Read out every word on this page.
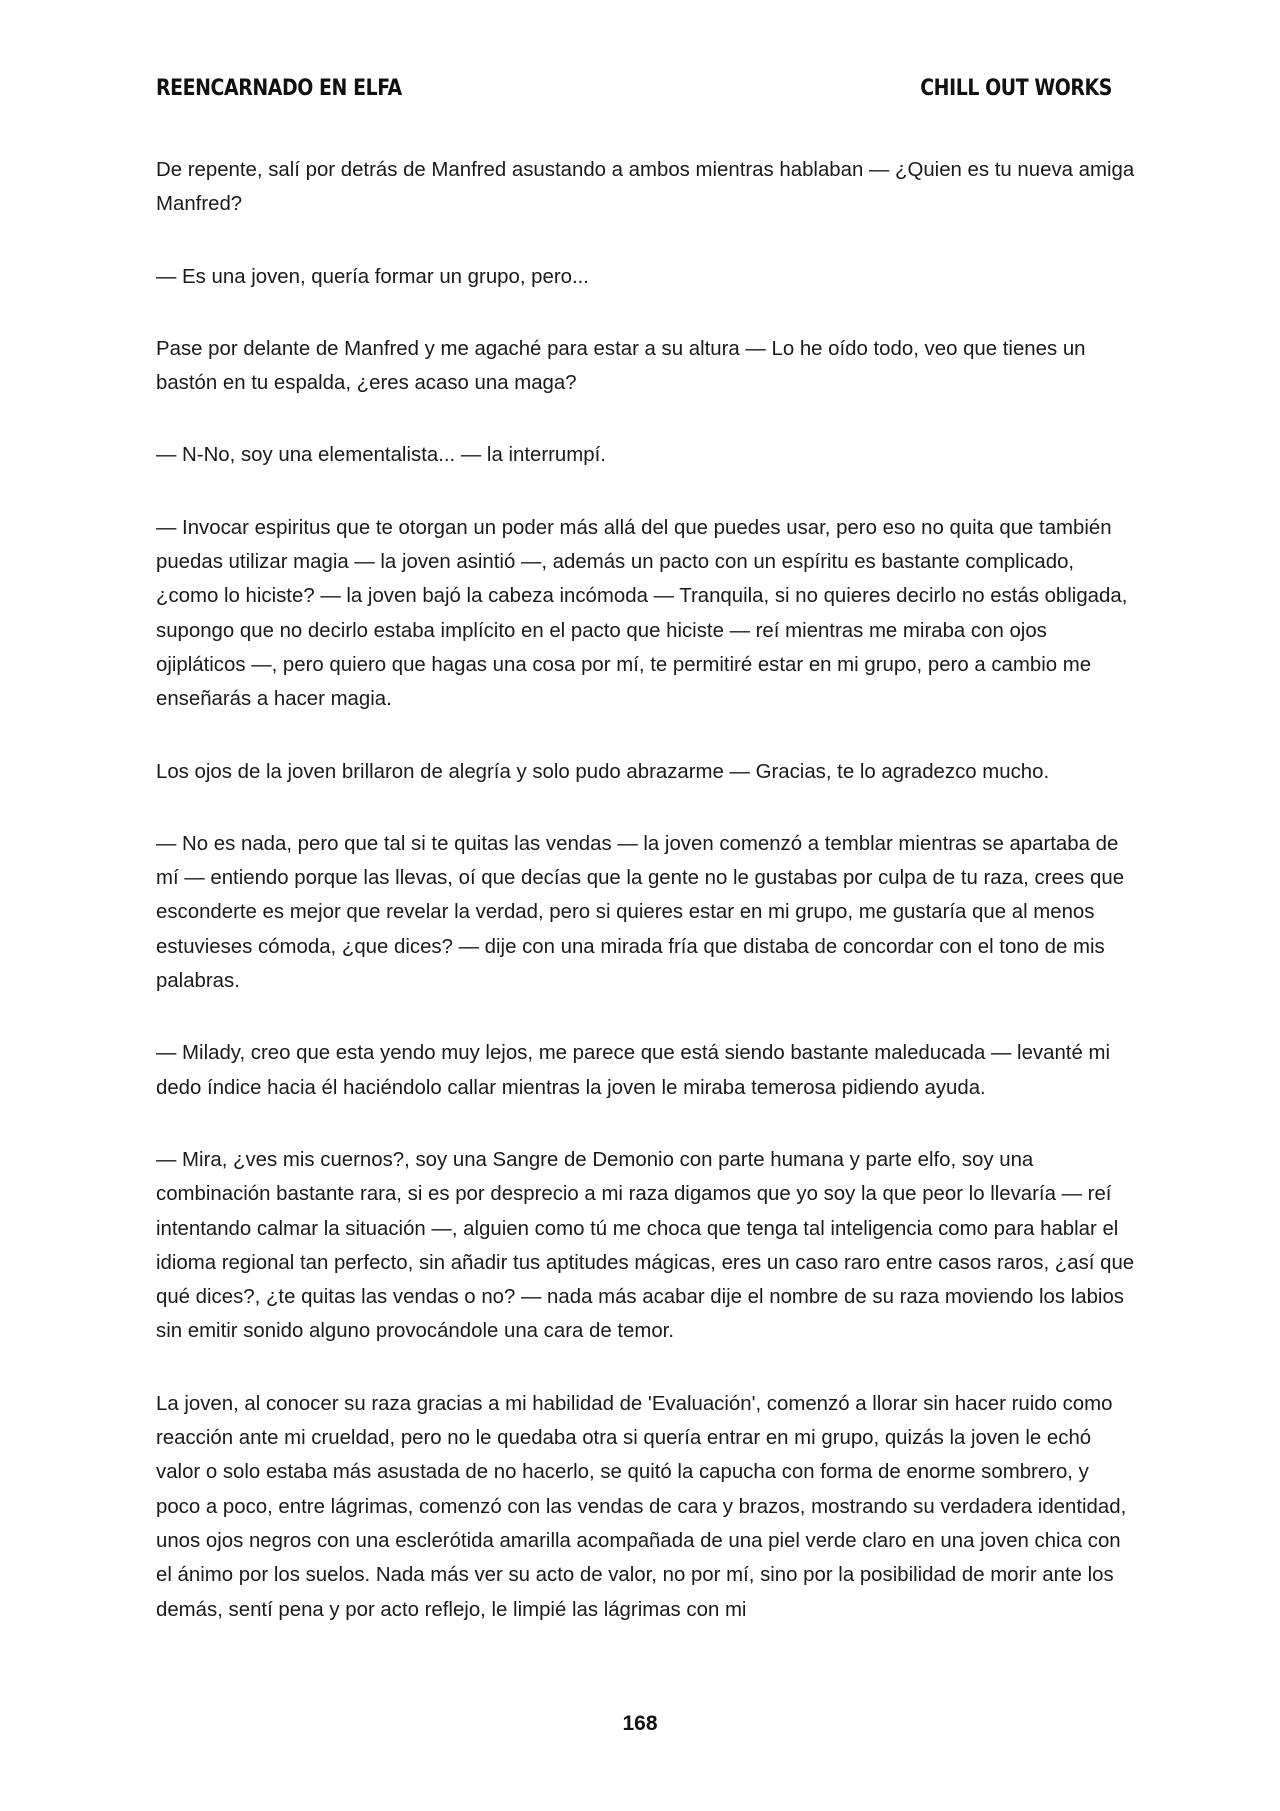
REENCARNADO EN ELFA	CHILL OUT WORKS

De repente, salí por detrás de Manfred asustando a ambos mientras hablaban — ¿Quien es tu nueva amiga Manfred?

— Es una joven, quería formar un grupo, pero...

Pase por delante de Manfred y me agaché para estar a su altura — Lo he oído todo, veo que tienes un bastón en tu espalda, ¿eres acaso una maga?

— N-No, soy una elementalista... — la interrumpí.

— Invocar espiritus que te otorgan un poder más allá del que puedes usar, pero eso no quita que también puedas utilizar magia — la joven asintió —, además un pacto con un espíritu es bastante complicado, ¿como lo hiciste? — la joven bajó la cabeza incómoda — Tranquila, si no quieres decirlo no estás obligada, supongo que no decirlo estaba implícito en el pacto que hiciste — reí mientras me miraba con ojos ojipláticos —, pero quiero que hagas una cosa por mí, te permitiré estar en mi grupo, pero a cambio me enseñarás a hacer magia.

Los ojos de la joven brillaron de alegría y solo pudo abrazarme — Gracias, te lo agradezco mucho.

— No es nada, pero que tal si te quitas las vendas — la joven comenzó a temblar mientras se apartaba de mí — entiendo porque las llevas, oí que decías que la gente no le gustabas por culpa de tu raza, crees que esconderte es mejor que revelar la verdad, pero si quieres estar en mi grupo, me gustaría que al menos estuvieses cómoda, ¿que dices? — dije con una mirada fría que distaba de concordar con el tono de mis palabras.

— Milady, creo que esta yendo muy lejos, me parece que está siendo bastante maleducada — levanté mi dedo índice hacia él haciéndolo callar mientras la joven le miraba temerosa pidiendo ayuda.

— Mira, ¿ves mis cuernos?, soy una Sangre de Demonio con parte humana y parte elfo, soy una combinación bastante rara, si es por desprecio a mi raza digamos que yo soy la que peor lo llevaría — reí intentando calmar la situación —, alguien como tú me choca que tenga tal inteligencia como para hablar el idioma regional tan perfecto, sin añadir tus aptitudes mágicas, eres un caso raro entre casos raros, ¿así que qué dices?, ¿te quitas las vendas o no? — nada más acabar dije el nombre de su raza moviendo los labios sin emitir sonido alguno provocándole una cara de temor.

La joven, al conocer su raza gracias a mi habilidad de 'Evaluación', comenzó a llorar sin hacer ruido como reacción ante mi crueldad, pero no le quedaba otra si quería entrar en mi grupo, quizás la joven le echó valor o solo estaba más asustada de no hacerlo, se quitó la capucha con forma de enorme sombrero, y poco a poco, entre lágrimas, comenzó con las vendas de cara y brazos, mostrando su verdadera identidad, unos ojos negros con una esclerótida amarilla acompañada de una piel verde claro en una joven chica con el ánimo por los suelos. Nada más ver su acto de valor, no por mí, sino por la posibilidad de morir ante los demás, sentí pena y por acto reflejo, le limpié las lágrimas con mi

168
